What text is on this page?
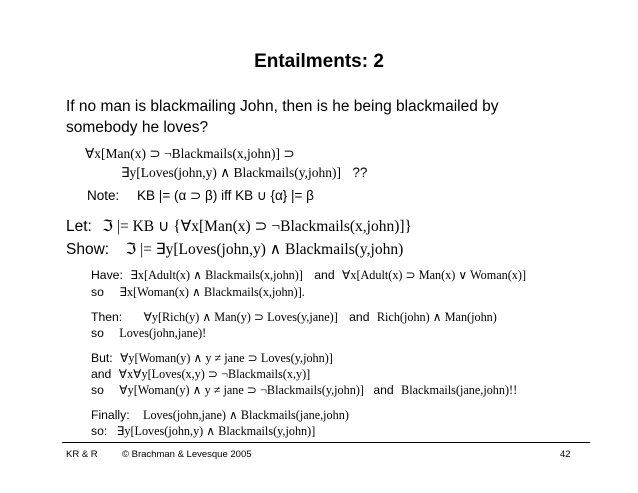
Entailments: 2
If no man is blackmailing John, then is he being blackmailed by
somebody he loves?
∀x[Man(x) ⊃ ¬Blackmails(x,john)] ⊃
∃y[Loves(john,y) ∧ Blackmails(y,john)] ??
Note: KB |= (α ⊃ β) iff KB ∪ {α} |= β
Let: ℑ |= KB ∪ {∀x[Man(x) ⊃ ¬Blackmails(x,john)]}
Show: ℑ |= ∃y[Loves(john,y) ∧ Blackmails(y,john)
Have: ∃x[Adult(x) ∧ Blackmails(x,john)] and ∀x[Adult(x) ⊃ Man(x) ∨ Woman(x)]
so ∃x[Woman(x) ∧ Blackmails(x,john)].
Then: ∀y[Rich(y) ∧ Man(y) ⊃ Loves(y,jane)] and Rich(john) ∧ Man(john)
so Loves(john,jane)!
But: ∀y[Woman(y) ∧ y ≠ jane ⊃ Loves(y,john)]
and ∀x∀y[Loves(x,y) ⊃ ¬Blackmails(x,y)]
so ∀y[Woman(y) ∧ y ≠ jane ⊃ ¬Blackmails(y,john)] and Blackmails(jane,john)!!
Finally: Loves(john,jane) ∧ Blackmails(jane,john)
so: ∃y[Loves(john,y) ∧ Blackmails(y,john)]
KR & R	© Brachman & Levesque 2005	42
